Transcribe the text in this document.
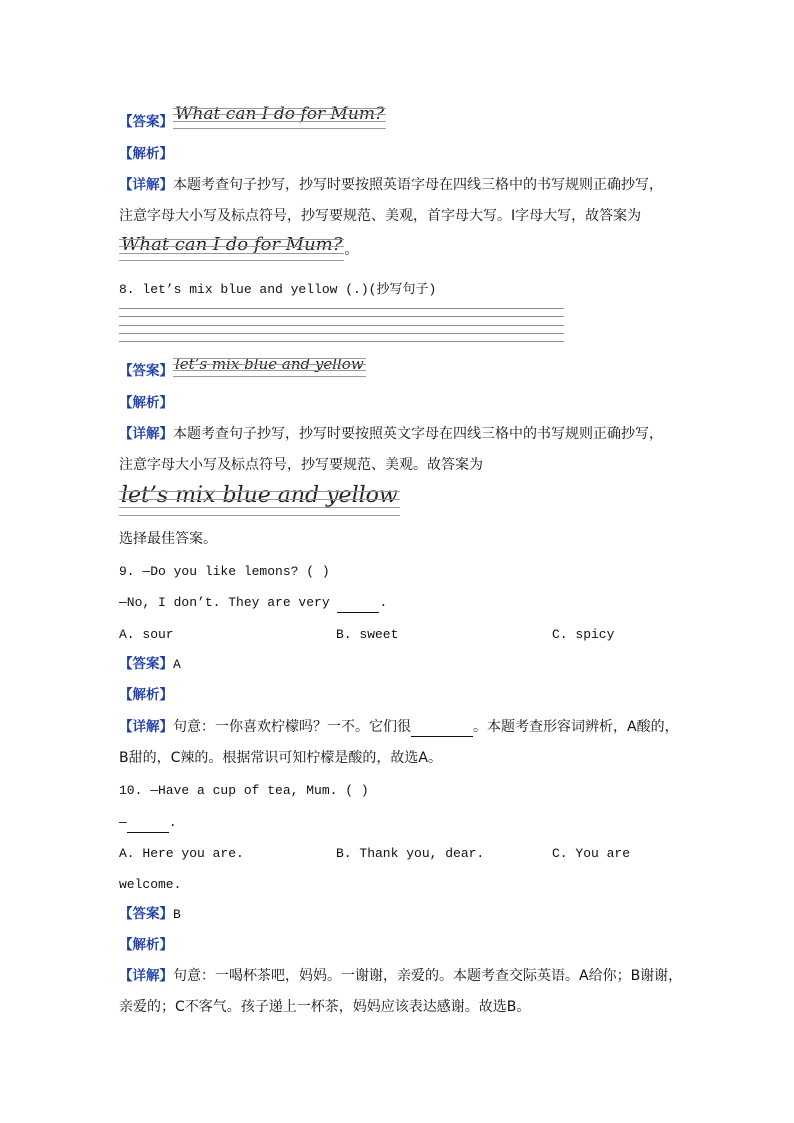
【答案】 What can I do for Mum?
【解析】
【详解】本题考查句子抄写，抄写时要按照英语字母在四线三格中的书写规则正确抄写，
注意字母大小写及标点符号，抄写要规范、美观，首字母大写。I字母大写，故答案为
What can I do for Mum? 。
8. let’s mix blue and yellow (.)(抄写句子)
【答案】 let’s mix blue and yellow
【解析】
【详解】本题考查句子抄写，抄写时要按照英文字母在四线三格中的书写规则正确抄写，
注意字母大小写及标点符号，抄写要规范、美观。故答案为
let’s mix blue and yellow
选择最佳答案。
9. —Do you like lemons? ( )
—No, I don’t. They are very	.
A. sour	B. sweet	C. spicy
【答案】A
【解析】
【详解】句意：一你喜欢柠檬吗？一不。它们很	。本题考查形容词辨析，A酸的，
B甜的，C辣的。根据常识可知柠檬是酸的，故选A。
10. —Have a cup of tea, Mum. ( )
—	.
A. Here you are.	B. Thank you, dear.	C. You are
welcome.
【答案】B
【解析】
【详解】句意：一喝杯茶吧，妈妈。一谢谢，亲爱的。本题考查交际英语。A给你；B谢谢，
亲爱的；C不客气。孩子递上一杯茶，妈妈应该表达感谢。故选B。
